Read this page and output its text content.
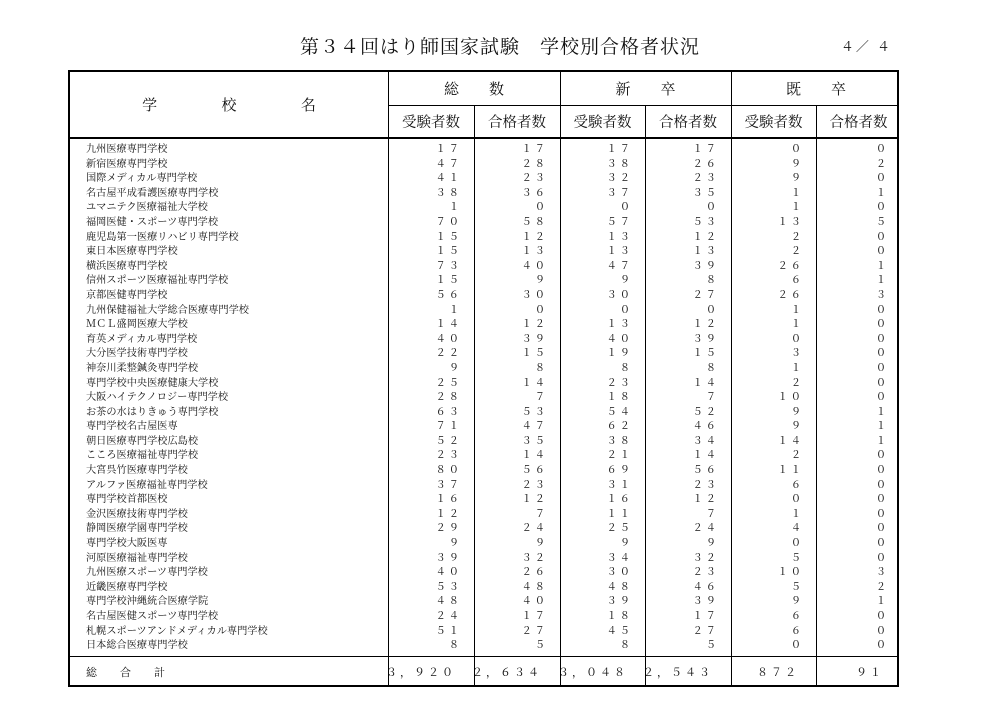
第３４回はり師国家試験　学校別合格者状況	４／ ４
学	校	名
総　　数	新　　卒	既　　卒
受験者数	合格者数	受験者数	合格者数	受験者数	合格者数
九州医療専門学校	１７	１７	１７	１７	０	０
新宿医療専門学校	４７	２８	３８	２６	９	２
国際メディカル専門学校	４１	２３	３２	２３	９	０
名古屋平成看護医療専門学校	３８	３６	３７	３５	１	１
ユマニテク医療福祉大学校	１	０	０	０	１	０
福岡医健・スポーツ専門学校	７０	５８	５７	５３	１３	５
鹿児島第一医療リハビリ専門学校	１５	１２	１３	１２	２	０
東日本医療専門学校	１５	１３	１３	１３	２	０
横浜医療専門学校	７３	４０	４７	３９	２６	１
信州スポーツ医療福祉専門学校	１５	９	９	８	６	１
京都医健専門学校	５６	３０	３０	２７	２６	３
九州保健福祉大学総合医療専門学校	１	０	０	０	１	０
ＭＣＬ盛岡医療大学校	１４	１２	１３	１２	１	０
育英メディカル専門学校	４０	３９	４０	３９	０	０
大分医学技術専門学校	２２	１５	１９	１５	３	０
神奈川柔整鍼灸専門学校	９	８	８	８	１	０
専門学校中央医療健康大学校	２５	１４	２３	１４	２	０
大阪ハイテクノロジー専門学校	２８	７	１８	７	１０	０
お茶の水はりきゅう専門学校	６３	５３	５４	５２	９	１
専門学校名古屋医専	７１	４７	６２	４６	９	１
朝日医療専門学校広島校	５２	３５	３８	３４	１４	１
こころ医療福祉専門学校	２３	１４	２１	１４	２	０
大宮呉竹医療専門学校	８０	５６	６９	５６	１１	０
アルファ医療福祉専門学校	３７	２３	３１	２３	６	０
専門学校首都医校	１６	１２	１６	１２	０	０
金沢医療技術専門学校	１２	７	１１	７	１	０
静岡医療学園専門学校	２９	２４	２５	２４	４	０
専門学校大阪医専	９	９	９	９	０	０
河原医療福祉専門学校	３９	３２	３４	３２	５	０
九州医療スポーツ専門学校	４０	２６	３０	２３	１０	３
近畿医療専門学校	５３	４８	４８	４６	５	２
専門学校沖縄統合医療学院	４８	４０	３９	３９	９	１
名古屋医健スポーツ専門学校	２４	１７	１８	１７	６	０
札幌スポーツアンドメディカル専門学校	５１	２７	４５	２７	６	０
日本総合医療専門学校	８	５	８	５	０	０
総　合　計	３，９２０	２，６３４	３，０４８	２，５４３	８７２	９１
